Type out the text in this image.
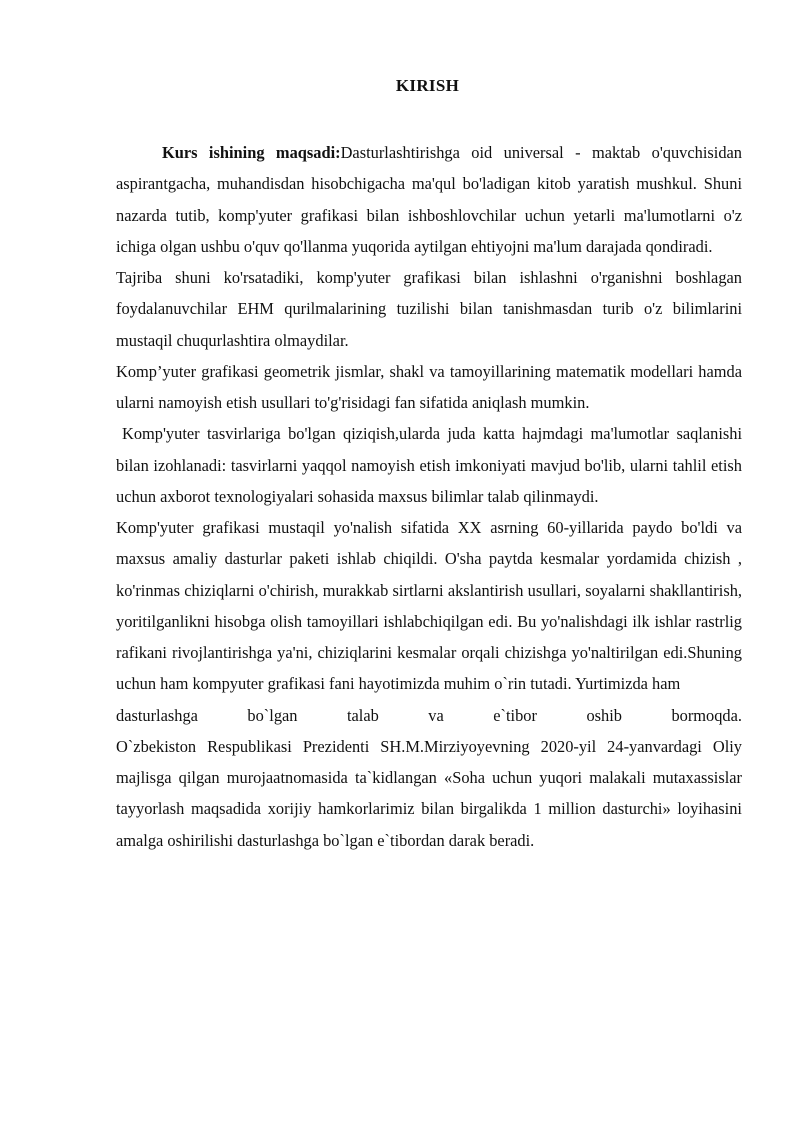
KIRISH

Kurs ishining maqsadi:Dasturlashtirishga oid universal - maktab o'quvchisidan aspirantgacha, muhandisdan hisobchigacha ma'qul bo'ladigan kitob yaratish mushkul. Shuni nazarda tutib, komp'yuter grafikasi bilan ishboshlovchilar uchun yetarli ma'lumotlarni o'z ichiga olgan ushbu o'quv qo'llanma yuqorida aytilgan ehtiyojni ma'lum darajada qondiradi.

Tajriba shuni ko'rsatadiki, komp'yuter grafikasi bilan ishlashni o'rganishni boshlagan foydalanuvchilar EHM qurilmalarining tuzilishi bilan tanishmasdan turib o'z bilimlarini mustaqil chuqurlashtira olmaydilar.

Komp’yuter grafikasi geometrik jismlar, shakl va tamoyillarining matematik modellari hamda ularni namoyish etish usullari to'g'risidagi fan sifatida aniqlash mumkin.

Komp'yuter tasvirlariga bo'lgan qiziqish,ularda juda katta hajmdagi ma'lumotlar saqlanishi bilan izohlanadi: tasvirlarni yaqqol namoyish etish imkoniyati mavjud bo'lib, ularni tahlil etish uchun axborot texnologiyalari sohasida maxsus bilimlar talab qilinmaydi.

Komp'yuter grafikasi mustaqil yo'nalish sifatida XX asrning 60-yillarida paydo bo'ldi va maxsus amaliy dasturlar paketi ishlab chiqildi. O'sha paytda kesmalar yordamida chizish , ko'rinmas chiziqlarni o'chirish, murakkab sirtlarni akslantirish usullari, soyalarni shakllantirish, yoritilganlikni hisobga olish tamoyillari ishlabchiqilgan edi. Bu yo'nalishdagi ilk ishlar rastrlig rafikani rivojlantirishga ya'ni, chiziqlarini kesmalar orqali chizishga yo'naltirilgan edi.Shuning uchun ham kompyuter grafikasi fani hayotimizda muhim o`rin tutadi. Yurtimizda ham
dasturlashga bo`lgan talab va e`tibor oshib bormoqda.
O`zbekiston Respublikasi Prezidenti SH.M.Mirziyoyevning 2020-yil 24-yanvardagi Oliy majlisga qilgan murojaatnomasida ta`kidlangan «Soha uchun yuqori malakali mutaxassislar tayyorlash maqsadida xorijiy hamkorlarimiz bilan birgalikda 1 million dasturchi» loyihasini amalga oshirilishi dasturlashga bo`lgan e`tibordan darak beradi.
